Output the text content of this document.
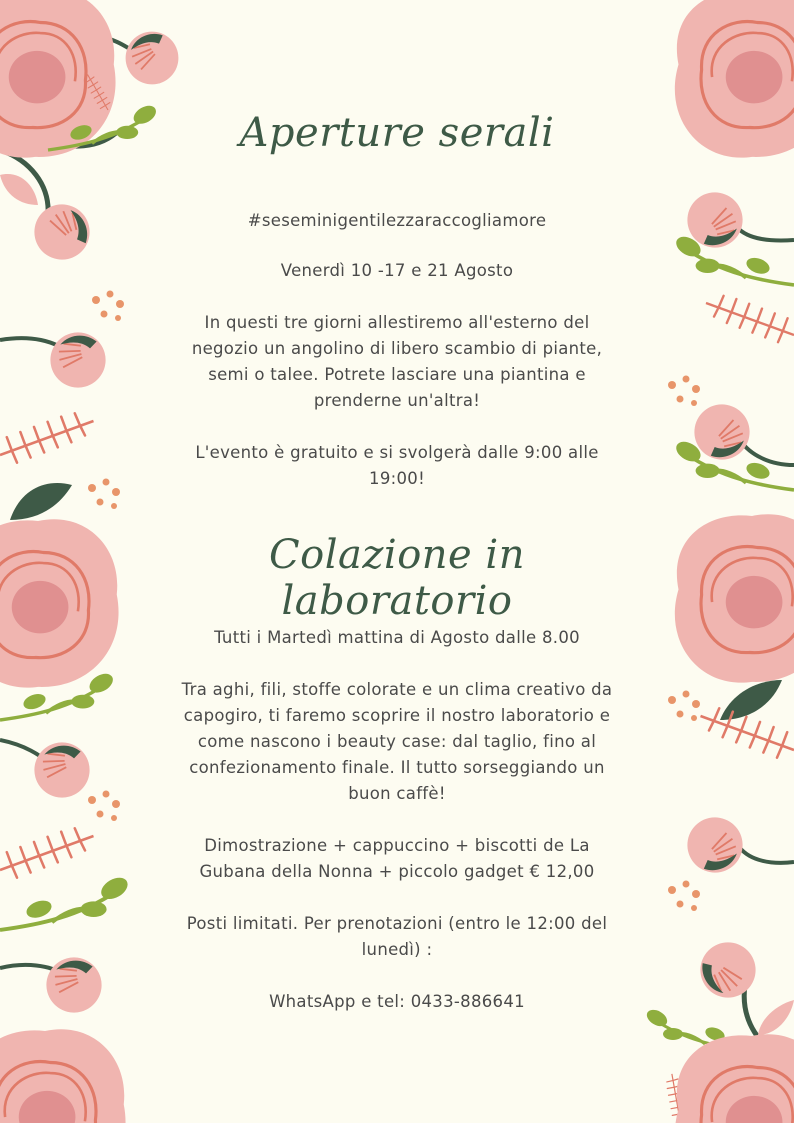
Aperture serali

#seseminigentilezzaraccogliamore

Venerdì 10 -17 e 21 Agosto

In questi tre giorni allestiremo all'esterno del negozio un angolino di libero scambio di piante, semi o talee. Potrete lasciare una piantina e prenderne un'altra!

L'evento è gratuito e si svolgerà dalle 9:00 alle 19:00!

Colazione in laboratorio

Tutti i Martedì mattina di Agosto dalle 8.00

Tra aghi, fili, stoffe colorate e un clima creativo da capogiro, ti faremo scoprire il nostro laboratorio e come nascono i beauty case: dal taglio, fino al confezionamento finale. Il tutto sorseggiando un buon caffè!

Dimostrazione + cappuccino + biscotti de La Gubana della Nonna + piccolo gadget € 12,00

Posti limitati. Per prenotazioni (entro le 12:00 del lunedì) :

WhatsApp e tel: 0433-886641
